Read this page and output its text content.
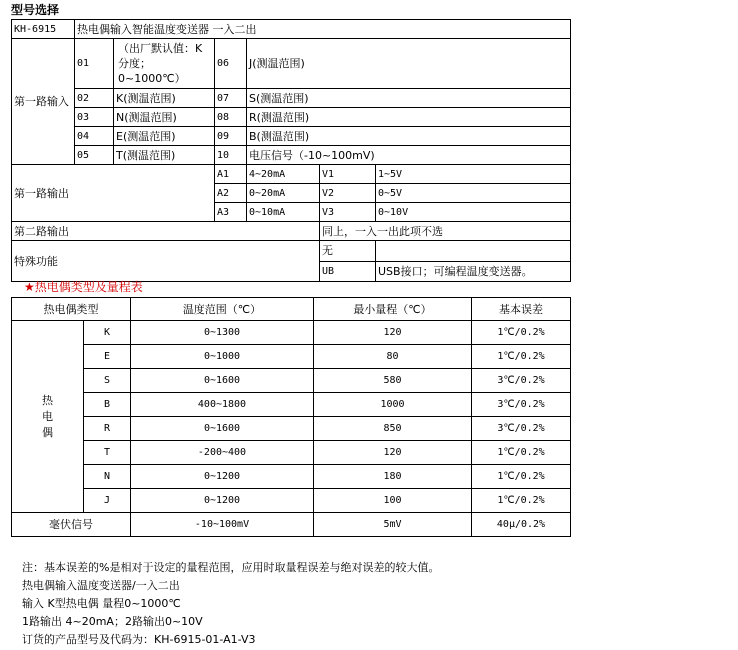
型号选择
KH-6915	热电偶输入智能温度变送器 一入二出					
第一路输入	01	（出厂默认值：K 分度；0~1000℃）	06	J(测温范围)		
	02	K(测温范围)	07	S(测温范围)		
	03	N(测温范围)	08	R(测温范围)		
	04	E(测温范围)	09	B(测温范围)		
	05	T(测温范围)	10	电压信号（-10~100mV)		
第一路输出			A1	4~20mA	V1	1~5V
			A2	0~20mA	V2	0~5V
			A3	0~10mA	V3	0~10V
第二路输出					同上，一入一出此项不选	
特殊功能					无	
					UB	USB接口；可编程温度变送器。
★热电偶类型及量程表
热电偶类型		温度范围（℃）	最小量程（℃）	基本误差

热
电
偶	K	0~1300	120	1℃/0.2%
	E	0~1000	80	1℃/0.2%
	S	0~1600	580	3℃/0.2%
	B	400~1800	1000	3℃/0.2%
	R	0~1600	850	3℃/0.2%
	T	-200~400	120	1℃/0.2%
	N	0~1200	180	1℃/0.2%
	J	0~1200	100	1℃/0.2%
毫伏信号		-10~100mV	5mV	40μ/0.2%
注：基本误差的%是相对于设定的量程范围，应用时取量程误差与绝对误差的较大值。
热电偶输入温度变送器/一入二出
输入 K型热电偶 量程0~1000℃
1路输出 4~20mA；2路输出0~10V
订货的产品型号及代码为：KH-6915-01-A1-V3
